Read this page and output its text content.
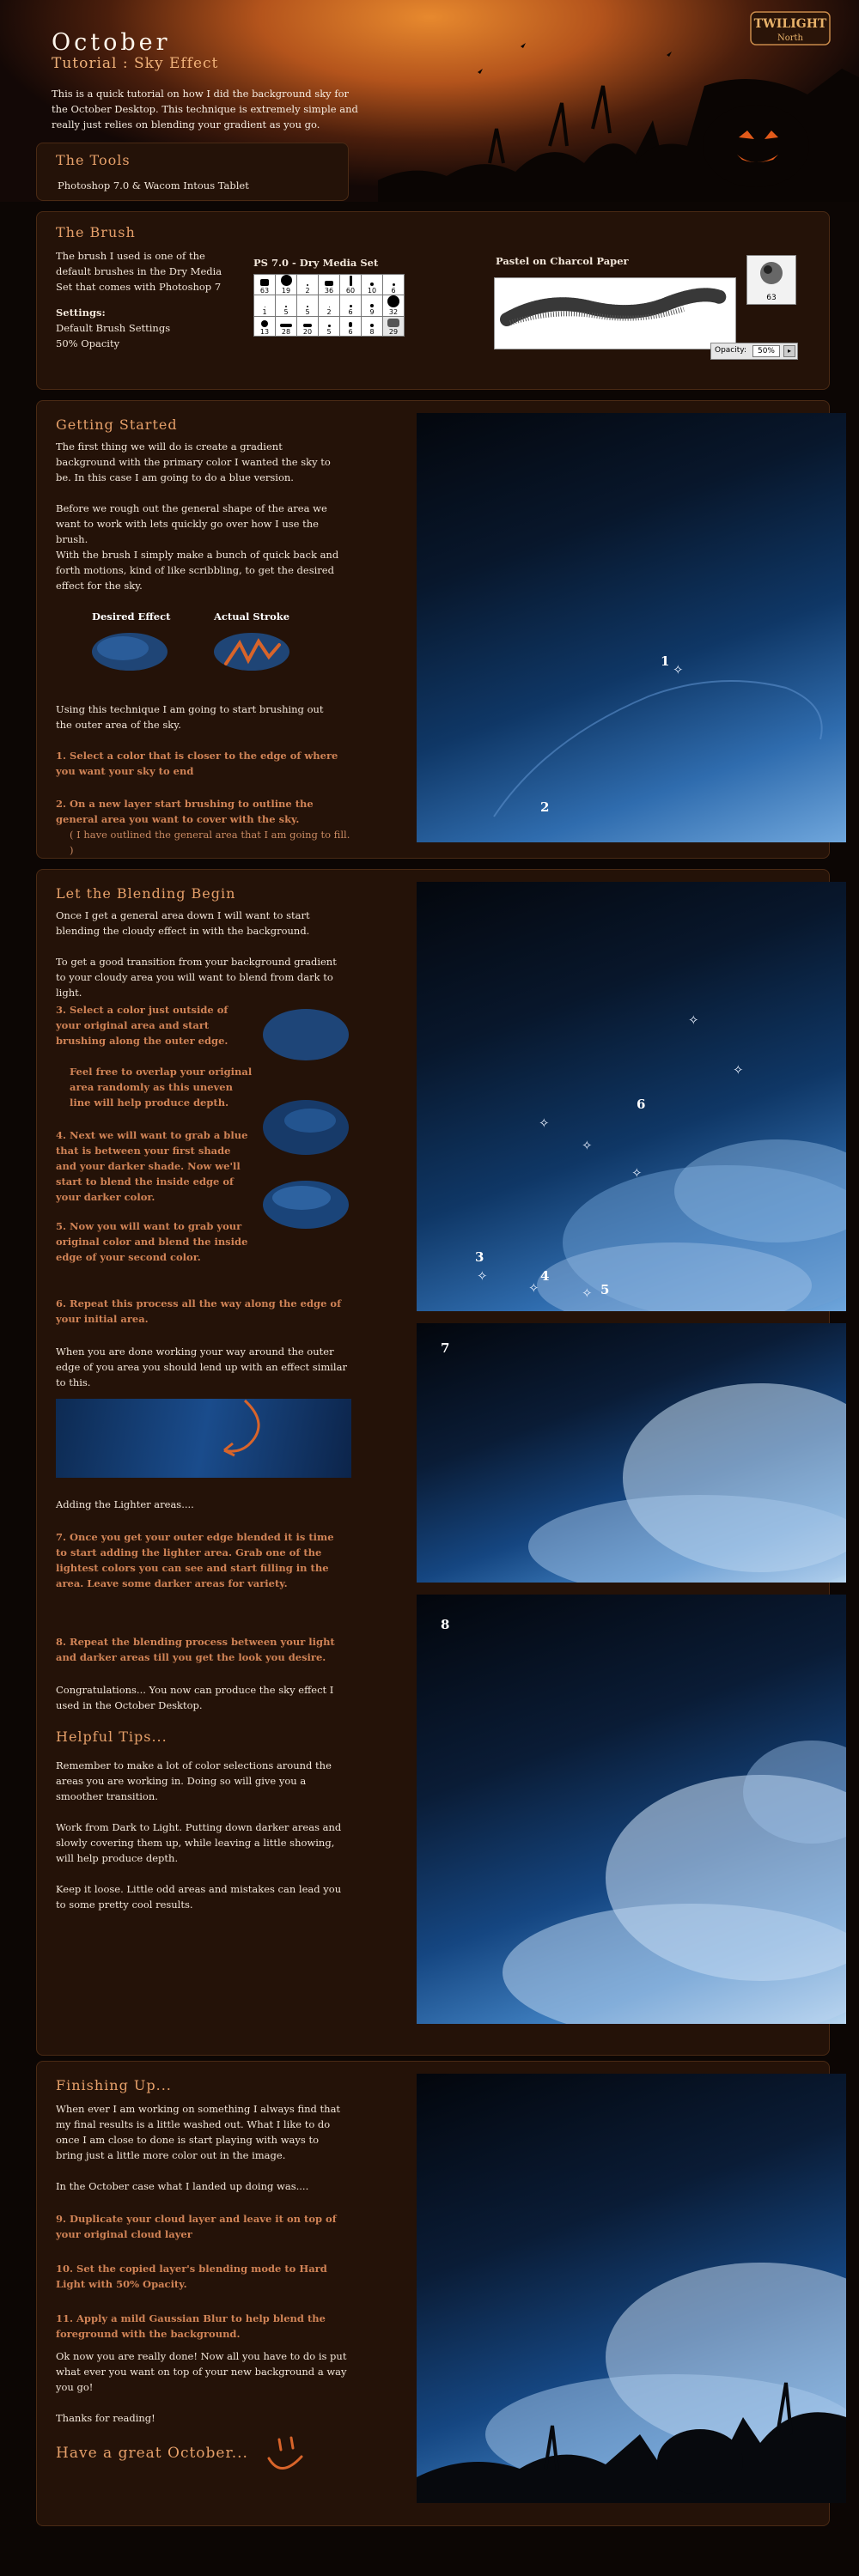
October
Tutorial : Sky Effect
This is a quick tutorial on how I did the background sky for the October Desktop. This technique is extremely simple and really just relies on blending your gradient as you go.
TWILIGHT
North
The Tools
Photoshop 7.0 & Wacom Intous Tablet
The Brush
The brush I used is one of the default brushes in the Dry Media Set that comes with Photoshop 7
Settings:
Default Brush Settings
50% Opacity
PS 7.0 - Dry Media Set
63	19	2	36	60	10	6

1	5	5	2	6	9	32

13	28	20	5	6	8	29
Pastel on Charcol Paper
63
Opacity:	50%	▸
Getting Started
The first thing we will do is create a gradient background with the primary color I wanted the sky to be. In this case I am going to do a blue version.
Before we rough out the general shape of the area we want to work with lets quickly go over how I use the brush.
With the brush I simply make a bunch of quick back and forth motions, kind of like scribbling, to get the desired effect for the sky.
Desired Effect	Actual Stroke
Using this technique I am going to start brushing out the outer area of the sky.
1. Select a color that is closer to the edge of where you want your sky to end
2. On a new layer start brushing to outline the general area you want to cover with the sky.
( I have outlined the general area that I am going to fill. )
1
✧
2
Let the Blending Begin
Once I get a general area down I will want to start blending the cloudy effect in with the background.
To get a good transition from your background gradient to your cloudy area you will want to blend from dark to light.
3. Select a color just outside of your original area and start brushing along the outer edge.
Feel free to overlap your original area randomly as this uneven line will help produce depth.
4. Next we will want to grab a blue that is between your first shade and your darker shade. Now we'll start to blend the inside edge of your darker color.
5. Now you will want to grab your original color and blend the inside edge of your second color.
6. Repeat this process all the way along the edge of your initial area.
When you are done working your way around the outer edge of you area you should lend up with an effect similar to this.
Adding the Lighter areas....
7. Once you get your outer edge blended it is time to start adding the lighter area. Grab one of the lightest colors you can see and start filling in the area. Leave some darker areas for variety.
8. Repeat the blending process between your light and darker areas till you get the look you desire.
Congratulations... You now can produce the sky effect I used in the October Desktop.
Helpful Tips...
Remember to make a lot of color selections around the areas you are working in. Doing so will give you a smoother transition.
Work from Dark to Light. Putting down darker areas and slowly covering them up, while leaving a little showing, will help produce depth.
Keep it loose. Little odd areas and mistakes can lead you to some pretty cool results.
6
✧
✧
✧
✧
✧
3
✧	4
✧	5
✧
7
8
Finishing Up...
When ever I am working on something I always find that my final results is a little washed out. What I like to do once I am close to done is start playing with ways to bring just a little more color out in the image.
In the October case what I landed up doing was....
9. Duplicate your cloud layer and leave it on top of your original cloud layer
10. Set the copied layer's blending mode to Hard Light with 50% Opacity.
11. Apply a mild Gaussian Blur to help blend the foreground with the background.
Ok now you are really done! Now all you have to do is put what ever you want on top of your new background a way you go!
Thanks for reading!
Have a great October...
